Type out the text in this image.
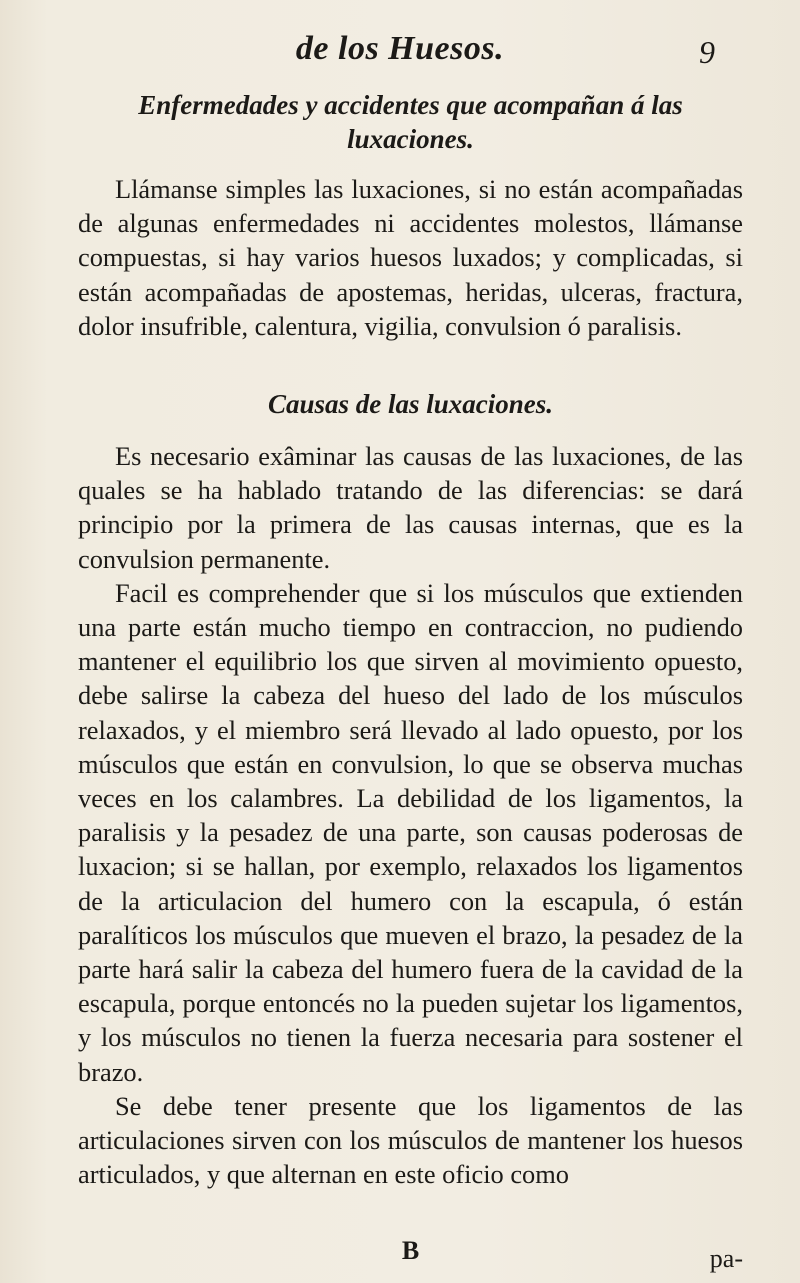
de los Huesos.	9
Enfermedades y accidentes que acompañan á las luxaciones.

Llámanse simples las luxaciones, si no están acompañadas de algunas enfermedades ni accidentes molestos, llámanse compuestas, si hay varios huesos luxados; y complicadas, si están acompañadas de apostemas, heridas, ulceras, fractura, dolor insufrible, calentura, vigilia, convulsion ó paralisis.

Causas de las luxaciones.

Es necesario exâminar las causas de las luxaciones, de las quales se ha hablado tratando de las diferencias: se dará principio por la primera de las causas internas, que es la convulsion permanente.

Facil es comprehender que si los músculos que extienden una parte están mucho tiempo en contraccion, no pudiendo mantener el equilibrio los que sirven al movimiento opuesto, debe salirse la cabeza del hueso del lado de los músculos relaxados, y el miembro será llevado al lado opuesto, por los músculos que están en convulsion, lo que se observa muchas veces en los calambres. La debilidad de los ligamentos, la paralisis y la pesadez de una parte, son causas poderosas de luxacion; si se hallan, por exemplo, relaxados los ligamentos de la articulacion del humero con la escapula, ó están paralíticos los músculos que mueven el brazo, la pesadez de la parte hará salir la cabeza del humero fuera de la cavidad de la escapula, porque entoncés no la pueden sujetar los ligamentos, y los músculos no tienen la fuerza necesaria para sostener el brazo.

Se debe tener presente que los ligamentos de las articulaciones sirven con los músculos de mantener los huesos articulados, y que alternan en este oficio como

B	pa-
